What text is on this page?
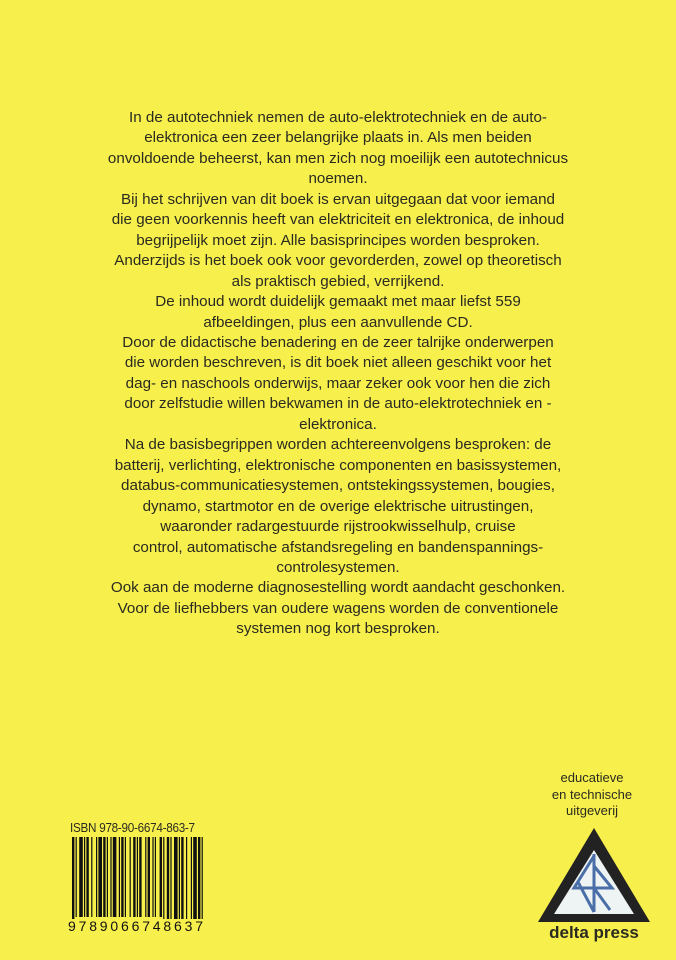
In de autotechniek nemen de auto-elektrotechniek en de auto-
elektronica een zeer belangrijke plaats in. Als men beiden
onvoldoende beheerst, kan men zich nog moeilijk een autotechnicus
noemen.
Bij het schrijven van dit boek is ervan uitgegaan dat voor iemand
die geen voorkennis heeft van elektriciteit en elektronica, de inhoud
begrijpelijk moet zijn. Alle basisprincipes worden besproken.
Anderzijds is het boek ook voor gevorderden, zowel op theoretisch
als praktisch gebied, verrijkend.
De inhoud wordt duidelijk gemaakt met maar liefst 559
afbeeldingen, plus een aanvullende CD.
Door de didactische benadering en de zeer talrijke onderwerpen
die worden beschreven, is dit boek niet alleen geschikt voor het
dag- en naschools onderwijs, maar zeker ook voor hen die zich
door zelfstudie willen bekwamen in de auto-elektrotechniek en -
elektronica.
Na de basisbegrippen worden achtereenvolgens besproken: de
batterij, verlichting, elektronische componenten en basissystemen,
databus-communicatiesystemen, ontstekingssystemen, bougies,
dynamo, startmotor en de overige elektrische uitrustingen,
waaronder radargestuurde rijstrookwisselhulp, cruise
control, automatische afstandsregeling en bandenspannings-
controlesystemen.
Ook aan de moderne diagnosestelling wordt aandacht geschonken.
Voor de liefhebbers van oudere wagens worden de conventionele
systemen nog kort besproken.
ISBN 978-90-6674-863-7
9789066748637
educatieve
en technische
uitgeverij
delta press
